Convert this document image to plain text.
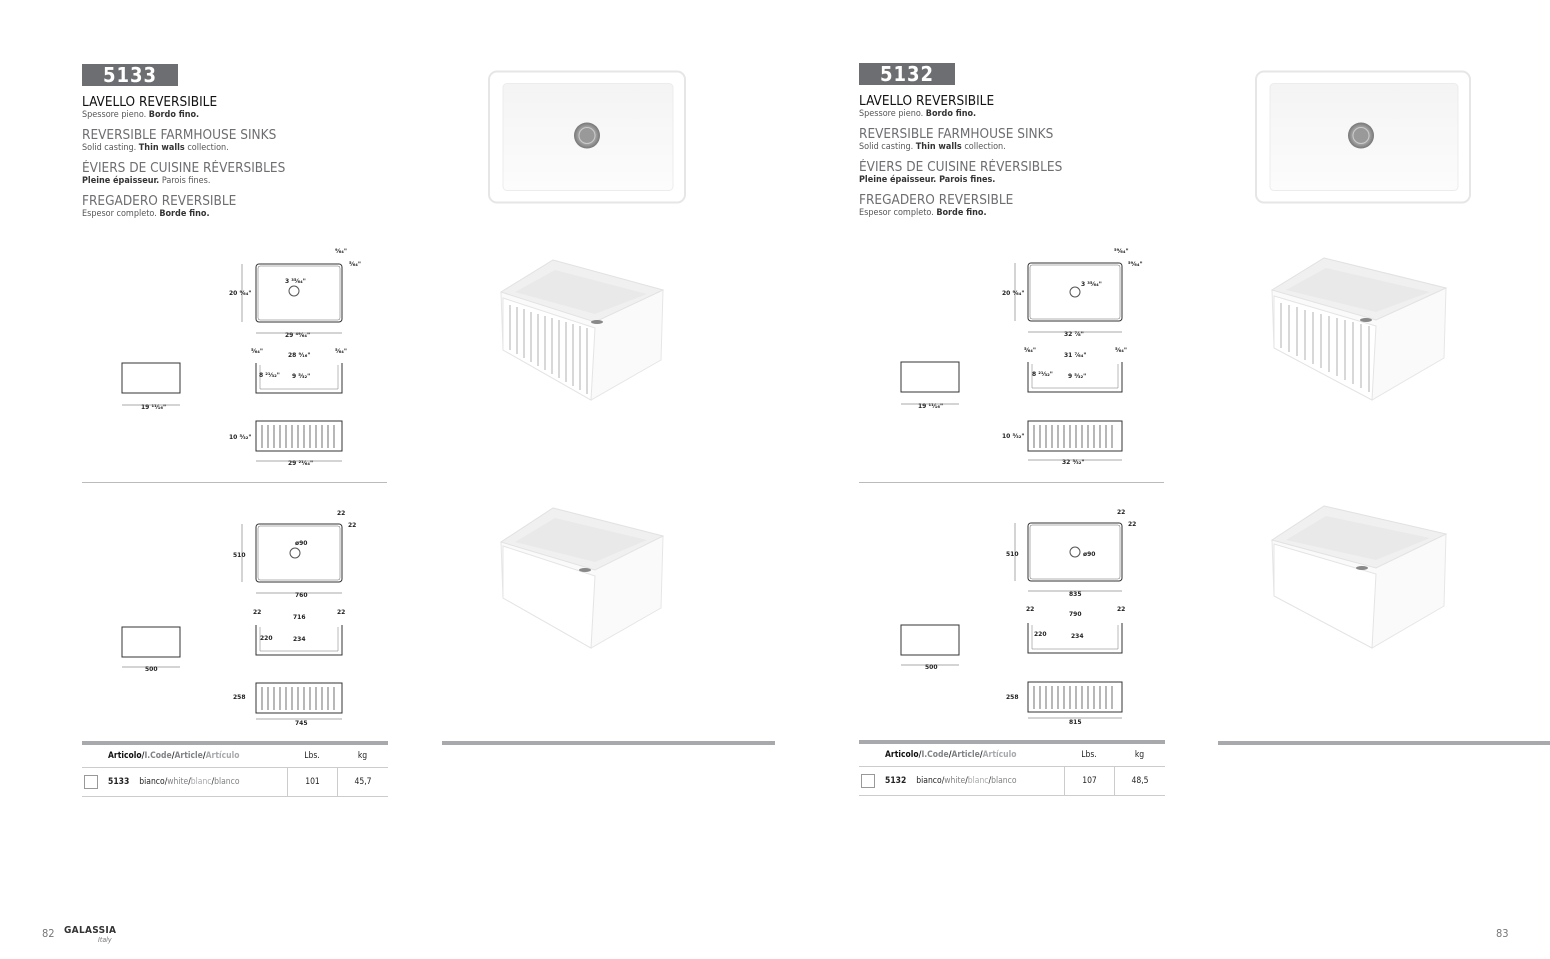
5133
LAVELLO REVERSIBILE
Spessore pieno. Bordo fino.
REVERSIBLE FARMHOUSE SINKS
Solid casting. Thin walls collection.
ÉVIERS DE CUISINE RÉVERSIBLES
Pleine épaisseur. Parois fines.
FREGADERO REVERSIBLE
Espesor completo. Borde fino.
3 ³⁵⁄₆₄"
20 ⁹⁄₆₄"
29 ⁴⁹⁄₆₄"
⁹⁄₆₄"
⁵⁄₆₄"
⁵⁄₆₄"
28 ⁹⁄₁₆"
⁵⁄₆₄"
8 ²¹⁄₃₂" 9 ⁵⁄₃₂"
19 ¹¹⁄₁₆"
10 ⁵⁄₃₂"
29 ²¹⁄₆₄"
ø90
510
760
22
22
22
716
22
220	234
500
258
745
Articolo/I.Code/Article/Artículo	Lbs.	kg
5133 bianco/white/blanc/blanco	101	45,7
82 GALASSIA
Italy
5132
LAVELLO REVERSIBILE
Spessore pieno. Bordo fino.
REVERSIBLE FARMHOUSE SINKS
Solid casting. Thin walls collection.
ÉVIERS DE CUISINE RÉVERSIBLES
Pleine épaisseur. Parois fines.
FREGADERO REVERSIBLE
Espesor completo. Borde fino.
3 ³⁵⁄₆₄"
20 ⁹⁄₆₄"
32 ⁷⁄₈"
⁵⁹⁄₆₄"
⁵⁹⁄₆₄"
⁵⁄₆₄"
31 ⁷⁄₆₄"
⁵⁄₆₄"
8 ²¹⁄₃₂"	9 ⁵⁄₃₂"
19 ¹¹⁄₁₆"
10 ⁵⁄₃₂"
32 ³⁄₃₂"
ø90
510
835
22
22
22
790
22
220	234
500
258
815
Articolo/I.Code/Article/Artículo	Lbs.	kg
5132 bianco/white/blanc/blanco	107	48,5
83
